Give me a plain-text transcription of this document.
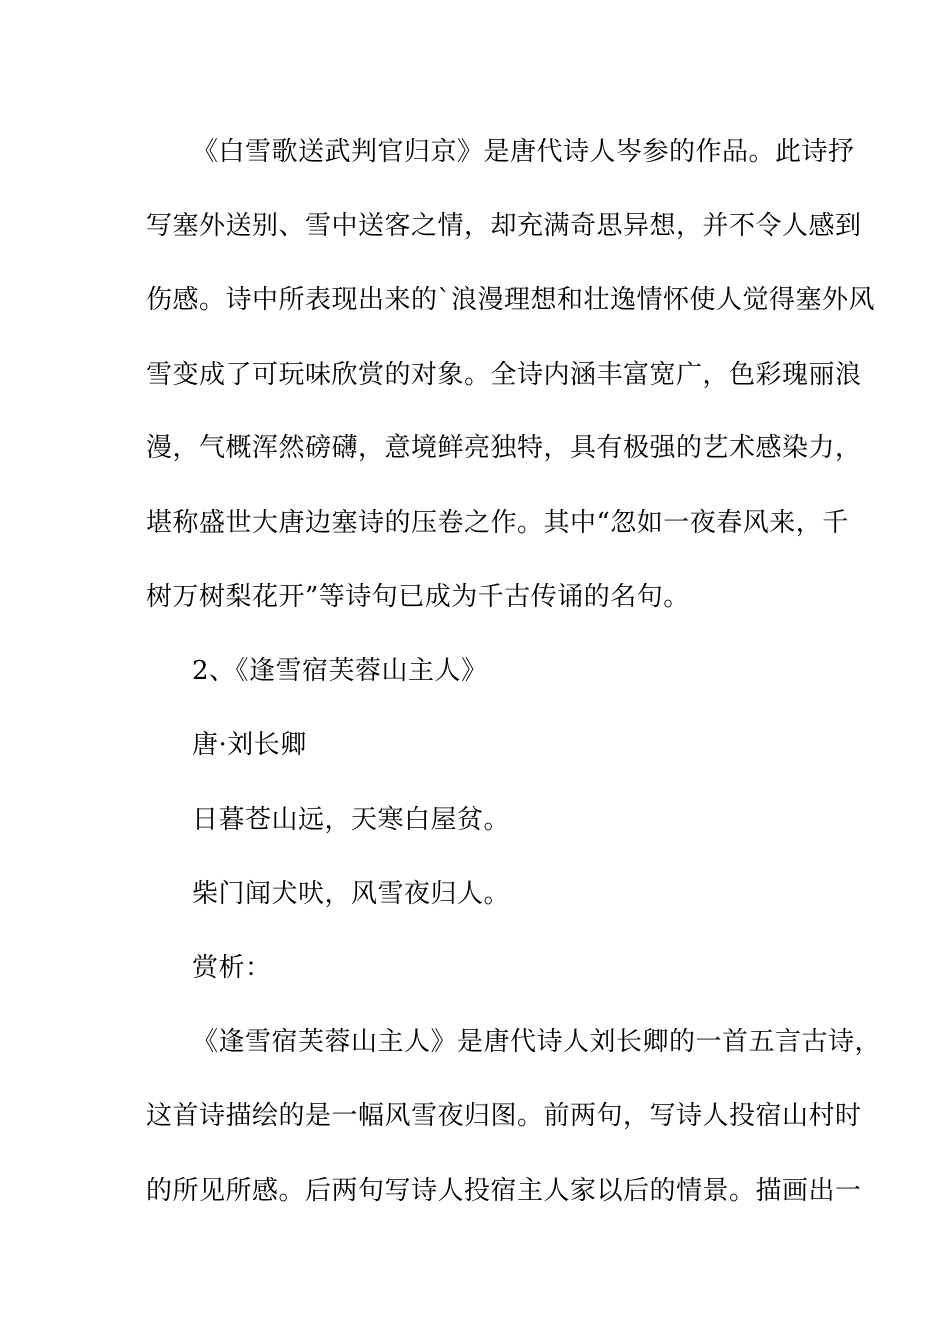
《白雪歌送武判官归京》是唐代诗人岑参的作品。此诗抒
写塞外送别、雪中送客之情，却充满奇思异想，并不令人感到
伤感。诗中所表现出来的`浪漫理想和壮逸情怀使人觉得塞外风
雪变成了可玩味欣赏的对象。全诗内涵丰富宽广，色彩瑰丽浪
漫，气概浑然磅礴，意境鲜亮独特，具有极强的艺术感染力，
堪称盛世大唐边塞诗的压卷之作。其中“忽如一夜春风来，千
树万树梨花开”等诗句已成为千古传诵的名句。
2、《逢雪宿芙蓉山主人》
唐·刘长卿
日暮苍山远，天寒白屋贫。
柴门闻犬吠，风雪夜归人。
赏析：
《逢雪宿芙蓉山主人》是唐代诗人刘长卿的一首五言古诗，
这首诗描绘的是一幅风雪夜归图。前两句，写诗人投宿山村时
的所见所感。后两句写诗人投宿主人家以后的情景。描画出一
